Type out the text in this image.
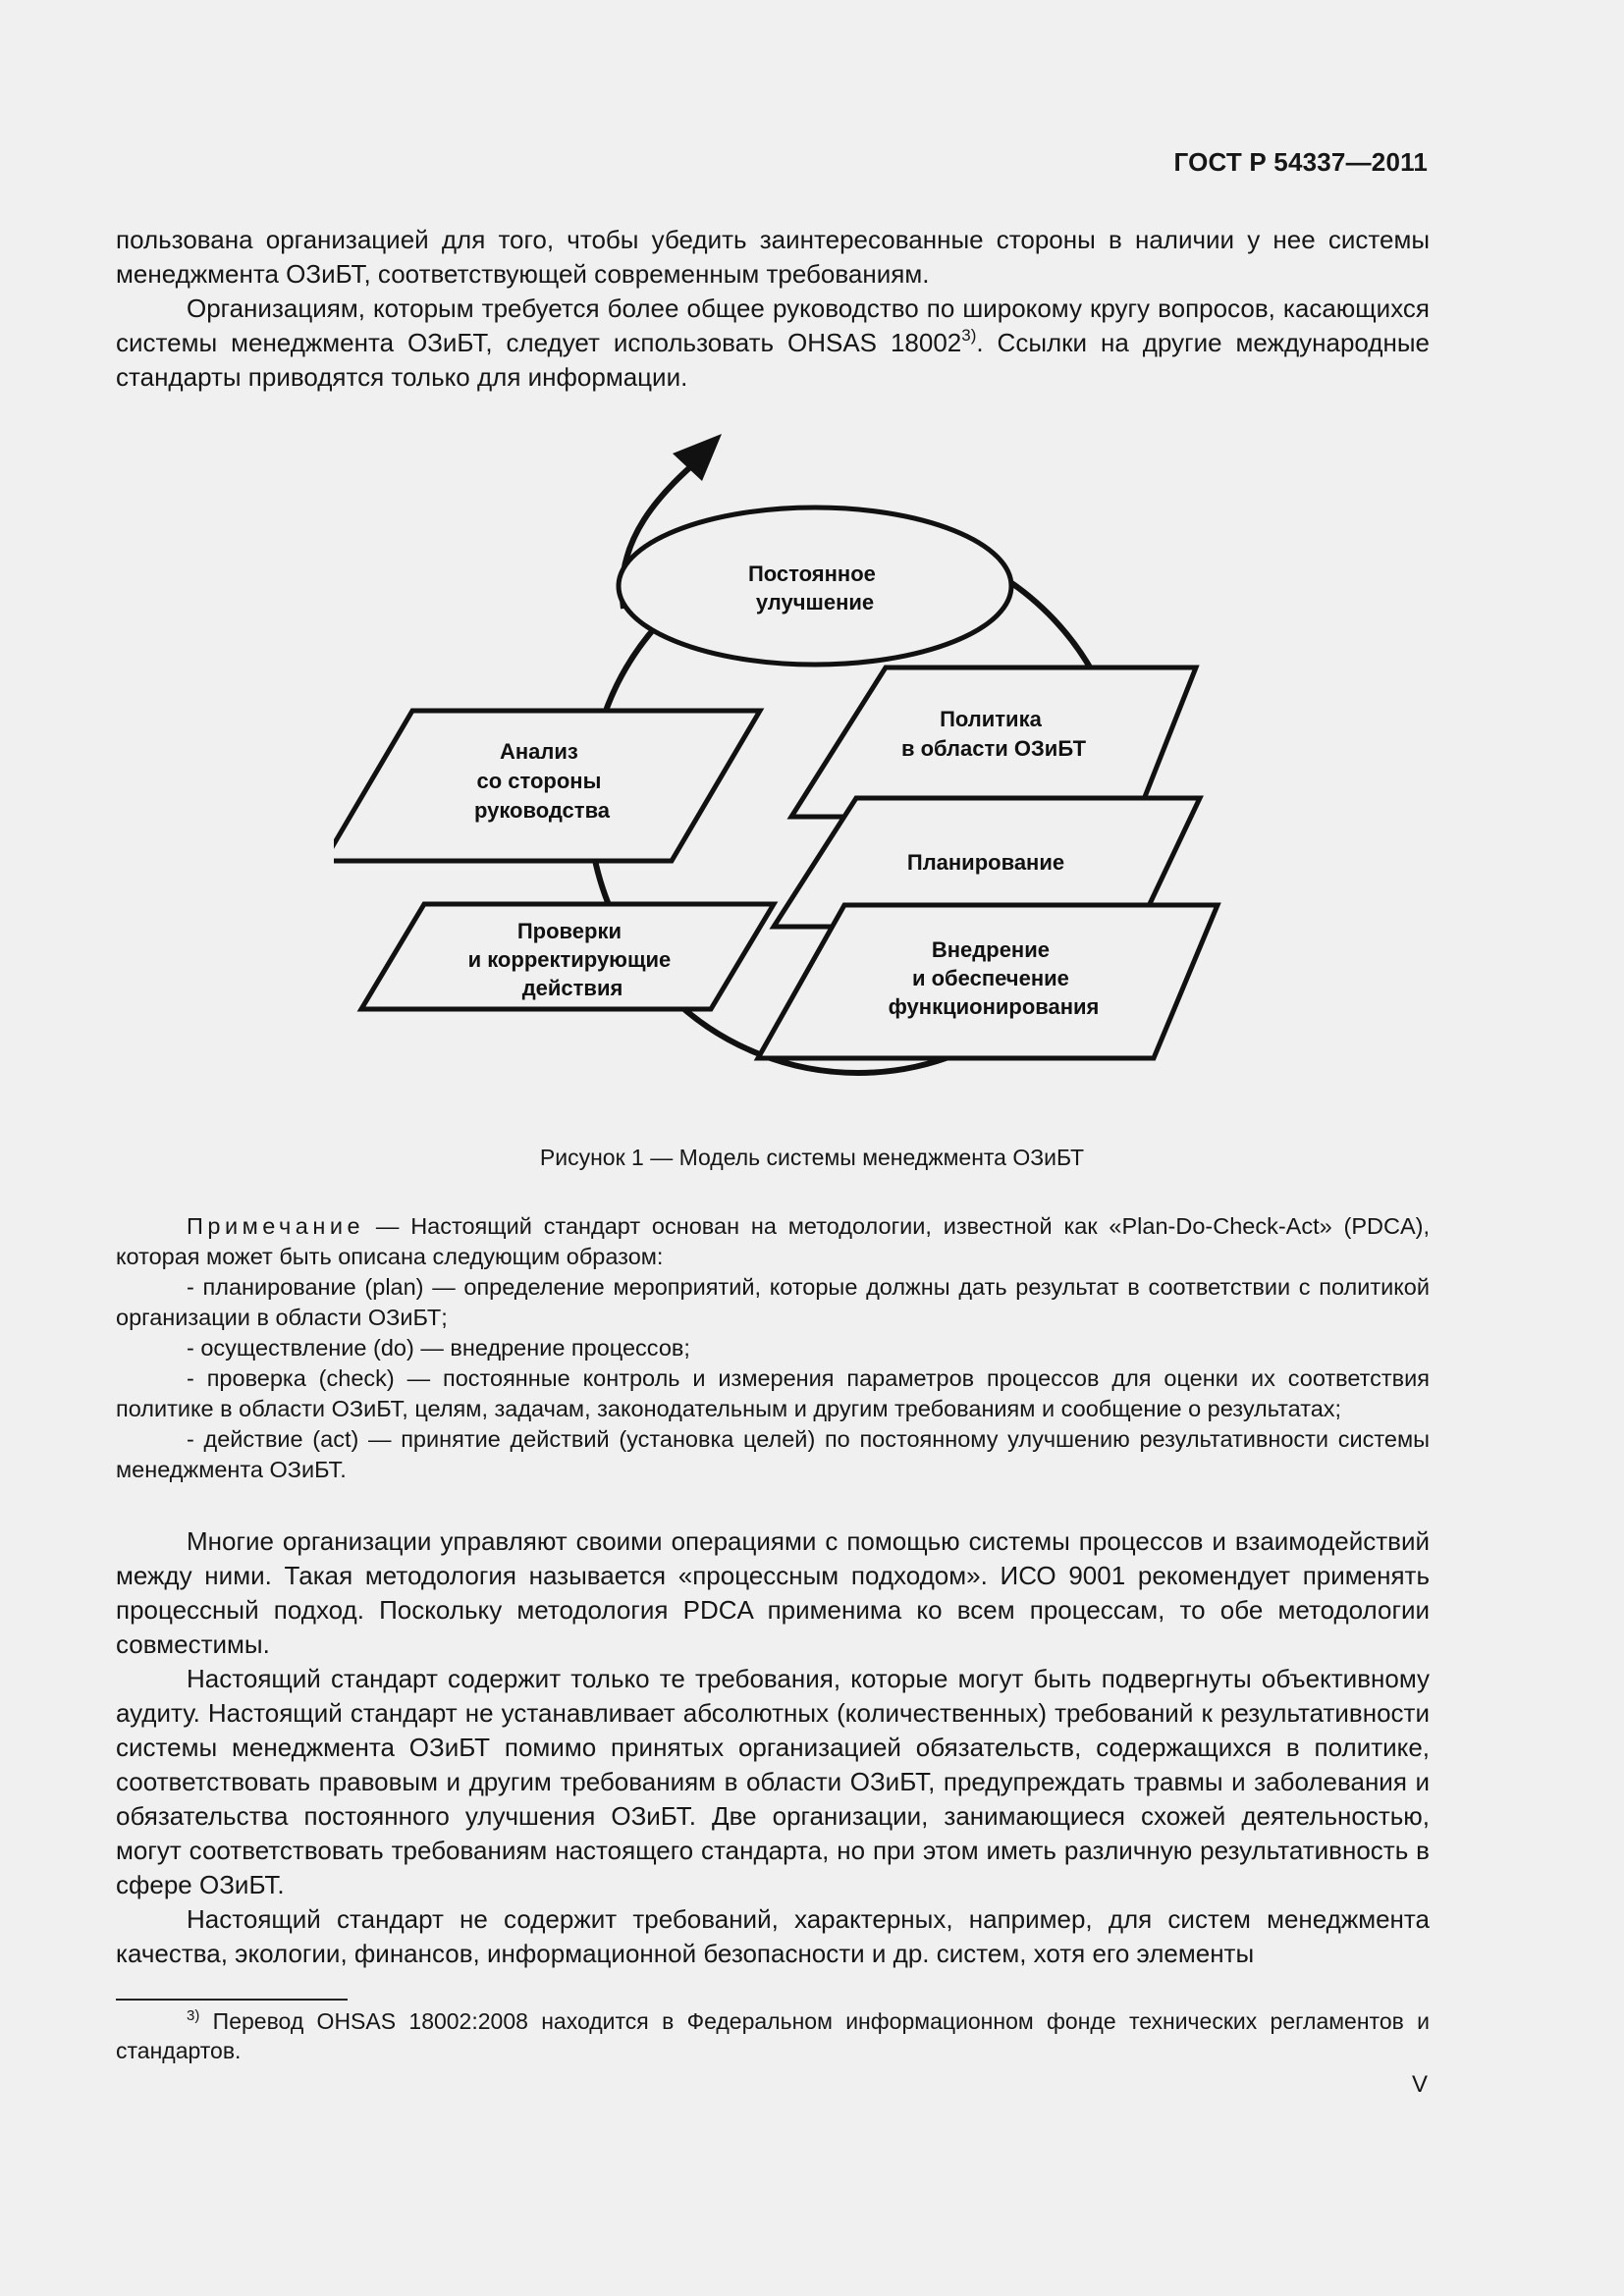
ГОСТ Р 54337—2011

пользована организацией для того, чтобы убедить заинтересованные стороны в наличии у нее системы менеджмента ОЗиБТ, соответствующей современным требованиям.

Организациям, которым требуется более общее руководство по широкому кругу вопросов, касающихся системы менеджмента ОЗиБТ, следует использовать OHSAS 18002$^{3)}$. Ссылки на другие международные стандарты приводятся только для информации.

Постоянное улучшение
Анализ со стороны руководства
Проверки и корректирующие действия
Политика в области ОЗиБТ
Планирование
Внедрение и обеспечение функционирования
Рисунок 1 — Модель системы менеджмента ОЗиБТ

Примечание — Настоящий стандарт основан на методологии, известной как «Plan-Do-Check-Act» (PDCA), которая может быть описана следующим образом:

- планирование (plan) — определение мероприятий, которые должны дать результат в соответствии с политикой организации в области ОЗиБТ;

- осуществление (do) — внедрение процессов;

- проверка (check) — постоянные контроль и измерения параметров процессов для оценки их соответствия политике в области ОЗиБТ, целям, задачам, законодательным и другим требованиям и сообщение о результатах;

- действие (act) — принятие действий (установка целей) по постоянному улучшению результативности системы менеджмента ОЗиБТ.

Многие организации управляют своими операциями с помощью системы процессов и взаимодействий между ними. Такая методология называется «процессным подходом». ИСО 9001 рекомендует применять процессный подход. Поскольку методология PDCA применима ко всем процессам, то обе методологии совместимы.

Настоящий стандарт содержит только те требования, которые могут быть подвергнуты объективному аудиту. Настоящий стандарт не устанавливает абсолютных (количественных) требований к результативности системы менеджмента ОЗиБТ помимо принятых организацией обязательств, содержащихся в политике, соответствовать правовым и другим требованиям в области ОЗиБТ, предупреждать травмы и заболевания и обязательства постоянного улучшения ОЗиБТ. Две организации, занимающиеся схожей деятельностью, могут соответствовать требованиям настоящего стандарта, но при этом иметь различную результативность в сфере ОЗиБТ.

Настоящий стандарт не содержит требований, характерных, например, для систем менеджмента качества, экологии, финансов, информационной безопасности и др. систем, хотя его элементы

$^{3)}$ Перевод OHSAS 18002:2008 находится в Федеральном информационном фонде технических регламентов и стандартов.

V
